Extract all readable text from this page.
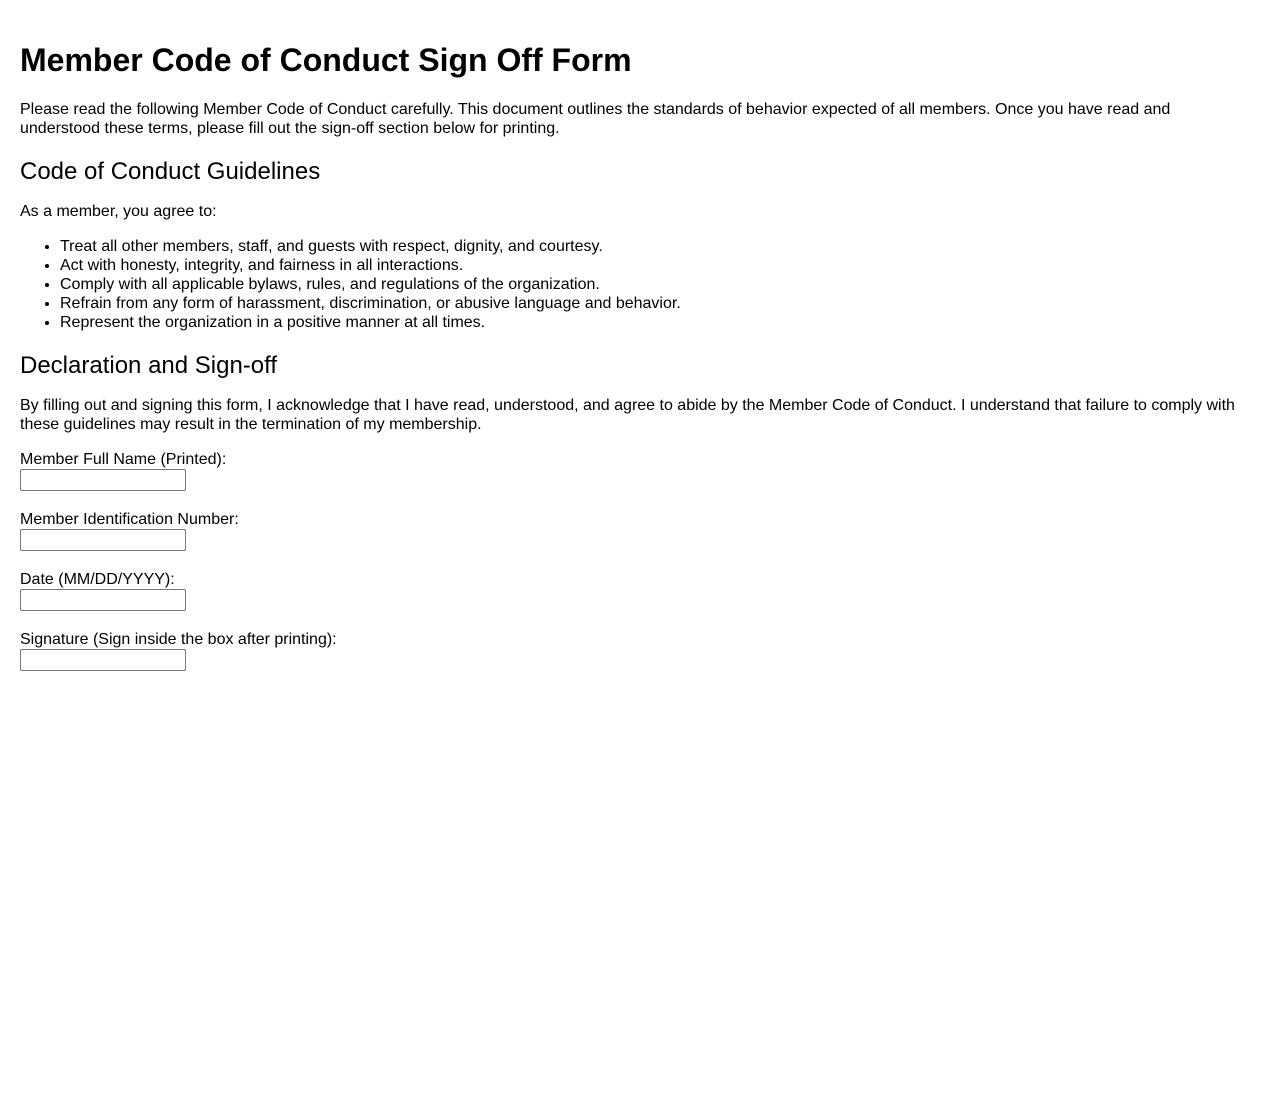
Member Code of Conduct Sign Off Form

Please read the following Member Code of Conduct carefully. This document outlines the standards of behavior expected of all members. Once you have read and understood these terms, please fill out the sign-off section below for printing.

Code of Conduct Guidelines

As a member, you agree to:

• Treat all other members, staff, and guests with respect, dignity, and courtesy.
• Act with honesty, integrity, and fairness in all interactions.
• Comply with all applicable bylaws, rules, and regulations of the organization.
• Refrain from any form of harassment, discrimination, or abusive language and behavior.
• Represent the organization in a positive manner at all times.
Declaration and Sign-off

By filling out and signing this form, I acknowledge that I have read, understood, and agree to abide by the Member Code of Conduct. I understand that failure to comply with these guidelines may result in the termination of my membership.

Member Full Name (Printed):
Member Identification Number:
Date (MM/DD/YYYY):
Signature (Sign inside the box after printing):
